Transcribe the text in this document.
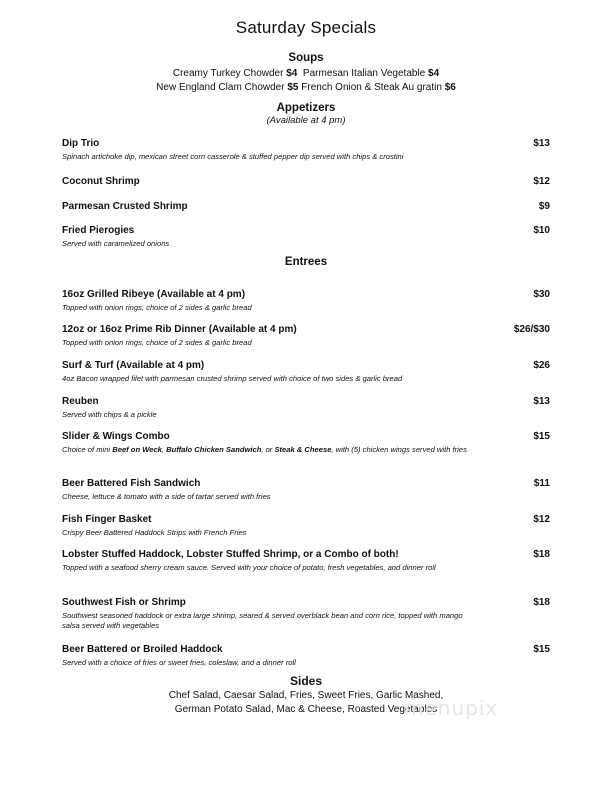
Saturday Specials
Soups
Creamy Turkey Chowder $4 Parmesan Italian Vegetable $4
New England Clam Chowder $5 French Onion & Steak Au gratin $6
Appetizers
(Available at 4 pm)
Dip Trio	$13
Spinach artichoke dip, mexican street corn casserole & stuffed pepper dip served with chips & crostini
Coconut Shrimp	$12
Parmesan Crusted Shrimp	$9
Fried Pierogies	$10
Served with caramelized onions
Entrees
16oz Grilled Ribeye (Available at 4 pm)	$30
Topped with onion rings, choice of 2 sides & garlic bread
12oz or 16oz Prime Rib Dinner (Available at 4 pm)	$26/$30
Topped with onion rings, choice of 2 sides & garlic bread
Surf & Turf (Available at 4 pm)	$26
4oz Bacon wrapped filet with parmesan crusted shrimp served with choice of two sides & garlic bread
Reuben	$13
Served with chips & a pickle
Slider & Wings Combo	$15
Choice of mini Beef on Weck, Buffalo Chicken Sandwich, or Steak & Cheese, with (5) chicken wings served with fries
Beer Battered Fish Sandwich	$11
Cheese, lettuce & tomato with a side of tartar served with fries
Fish Finger Basket	$12
Crispy Beer Battered Haddock Strips with French Fries
Lobster Stuffed Haddock, Lobster Stuffed Shrimp, or a Combo of both!	$18
Topped with a seafood sherry cream sauce. Served with your choice of potato, fresh vegetables, and dinner roll
Southwest Fish or Shrimp	$18
Southwest seasoned haddock or extra large shrimp, seared & served overblack bean and corn rice, topped with mango salsa served with vegetables
Beer Battered or Broiled Haddock	$15
Served with a choice of fries or sweet fries, coleslaw, and a dinner roll
Sides
Chef Salad, Caesar Salad, Fries, Sweet Fries, Garlic Mashed,
German Potato Salad, Mac & Cheese, Roasted Vegetables
menupix
